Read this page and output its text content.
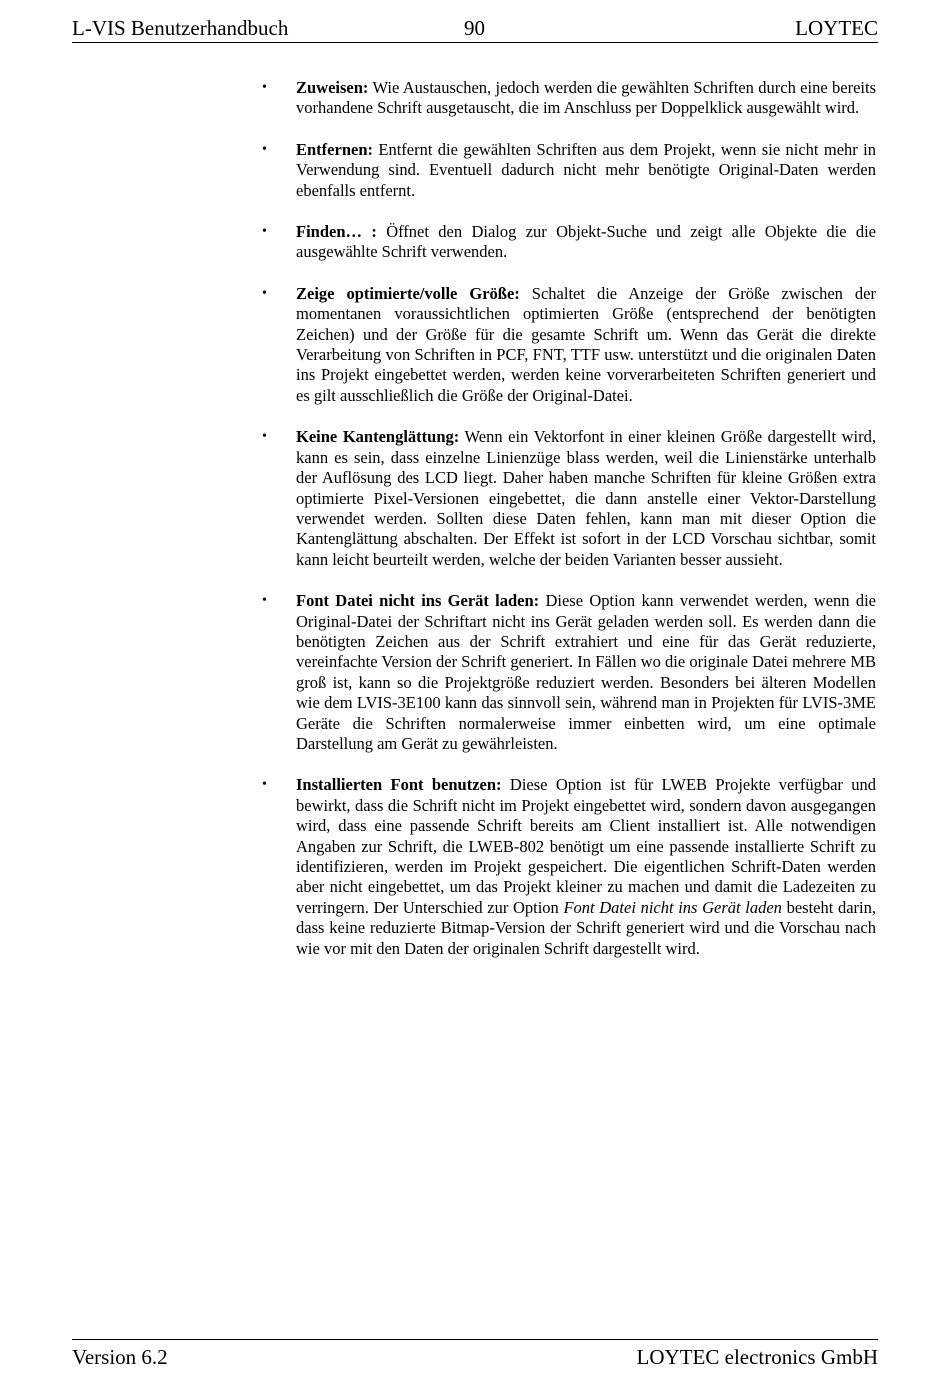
L-VIS Benutzerhandbuch	90	LOYTEC
• Zuweisen: Wie Austauschen, jedoch werden die gewählten Schriften durch eine bereits vorhandene Schrift ausgetauscht, die im Anschluss per Doppelklick ausgewählt wird.
• Entfernen: Entfernt die gewählten Schriften aus dem Projekt, wenn sie nicht mehr in Verwendung sind. Eventuell dadurch nicht mehr benötigte Original-Daten werden ebenfalls entfernt.
• Finden… : Öffnet den Dialog zur Objekt-Suche und zeigt alle Objekte die die ausgewählte Schrift verwenden.
• Zeige optimierte/volle Größe: Schaltet die Anzeige der Größe zwischen der momentanen voraussichtlichen optimierten Größe (entsprechend der benötigten Zeichen) und der Größe für die gesamte Schrift um. Wenn das Gerät die direkte Verarbeitung von Schriften in PCF, FNT, TTF usw. unterstützt und die originalen Daten ins Projekt eingebettet werden, werden keine vorverarbeiteten Schriften generiert und es gilt ausschließlich die Größe der Original-Datei.
• Keine Kantenglättung: Wenn ein Vektorfont in einer kleinen Größe dargestellt wird, kann es sein, dass einzelne Linienzüge blass werden, weil die Linienstärke unterhalb der Auflösung des LCD liegt. Daher haben manche Schriften für kleine Größen extra optimierte Pixel-Versionen eingebettet, die dann anstelle einer Vektor-Darstellung verwendet werden. Sollten diese Daten fehlen, kann man mit dieser Option die Kantenglättung abschalten. Der Effekt ist sofort in der LCD Vorschau sichtbar, somit kann leicht beurteilt werden, welche der beiden Varianten besser aussieht.
• Font Datei nicht ins Gerät laden: Diese Option kann verwendet werden, wenn die Original-Datei der Schriftart nicht ins Gerät geladen werden soll. Es werden dann die benötigten Zeichen aus der Schrift extrahiert und eine für das Gerät reduzierte, vereinfachte Version der Schrift generiert. In Fällen wo die originale Datei mehrere MB groß ist, kann so die Projektgröße reduziert werden. Besonders bei älteren Modellen wie dem LVIS-3E100 kann das sinnvoll sein, während man in Projekten für LVIS-3ME Geräte die Schriften normalerweise immer einbetten wird, um eine optimale Darstellung am Gerät zu gewährleisten.
• Installierten Font benutzen: Diese Option ist für LWEB Projekte verfügbar und bewirkt, dass die Schrift nicht im Projekt eingebettet wird, sondern davon ausgegangen wird, dass eine passende Schrift bereits am Client installiert ist. Alle notwendigen Angaben zur Schrift, die LWEB-802 benötigt um eine passende installierte Schrift zu identifizieren, werden im Projekt gespeichert. Die eigentlichen Schrift-Daten werden aber nicht eingebettet, um das Projekt kleiner zu machen und damit die Ladezeiten zu verringern. Der Unterschied zur Option Font Datei nicht ins Gerät laden besteht darin, dass keine reduzierte Bitmap-Version der Schrift generiert wird und die Vorschau nach wie vor mit den Daten der originalen Schrift dargestellt wird.
Version 6.2	LOYTEC electronics GmbH
